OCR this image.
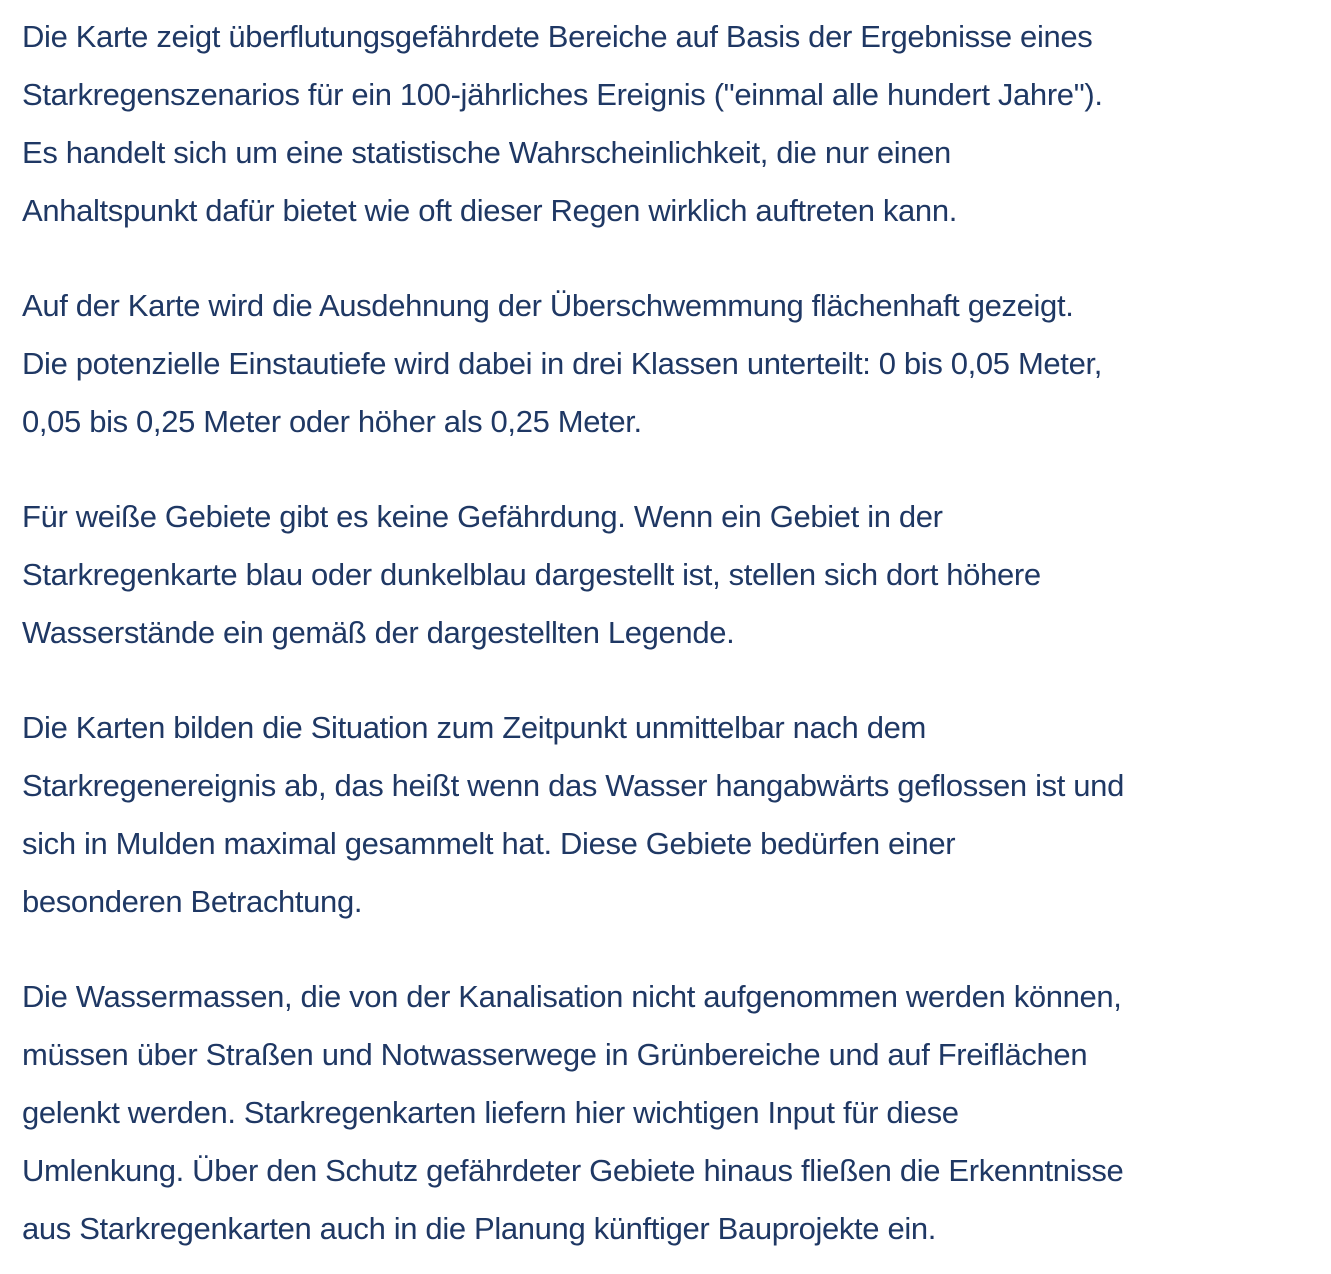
Die Karte zeigt überflutungsgefährdete Bereiche auf Basis der Ergebnisse eines
Starkregenszenarios für ein 100-jährliches Ereignis ("einmal alle hundert Jahre").
Es handelt sich um eine statistische Wahrscheinlichkeit, die nur einen
Anhaltspunkt dafür bietet wie oft dieser Regen wirklich auftreten kann.
Auf der Karte wird die Ausdehnung der Überschwemmung flächenhaft gezeigt.
Die potenzielle Einstautiefe wird dabei in drei Klassen unterteilt: 0 bis 0,05 Meter,
0,05 bis 0,25 Meter oder höher als 0,25 Meter.
Für weiße Gebiete gibt es keine Gefährdung. Wenn ein Gebiet in der
Starkregenkarte blau oder dunkelblau dargestellt ist, stellen sich dort höhere
Wasserstände ein gemäß der dargestellten Legende.
Die Karten bilden die Situation zum Zeitpunkt unmittelbar nach dem
Starkregenereignis ab, das heißt wenn das Wasser hangabwärts geflossen ist und
sich in Mulden maximal gesammelt hat. Diese Gebiete bedürfen einer
besonderen Betrachtung.
Die Wassermassen, die von der Kanalisation nicht aufgenommen werden können,
müssen über Straßen und Notwasserwege in Grünbereiche und auf Freiflächen
gelenkt werden. Starkregenkarten liefern hier wichtigen Input für diese
Umlenkung. Über den Schutz gefährdeter Gebiete hinaus fließen die Erkenntnisse
aus Starkregenkarten auch in die Planung künftiger Bauprojekte ein.
